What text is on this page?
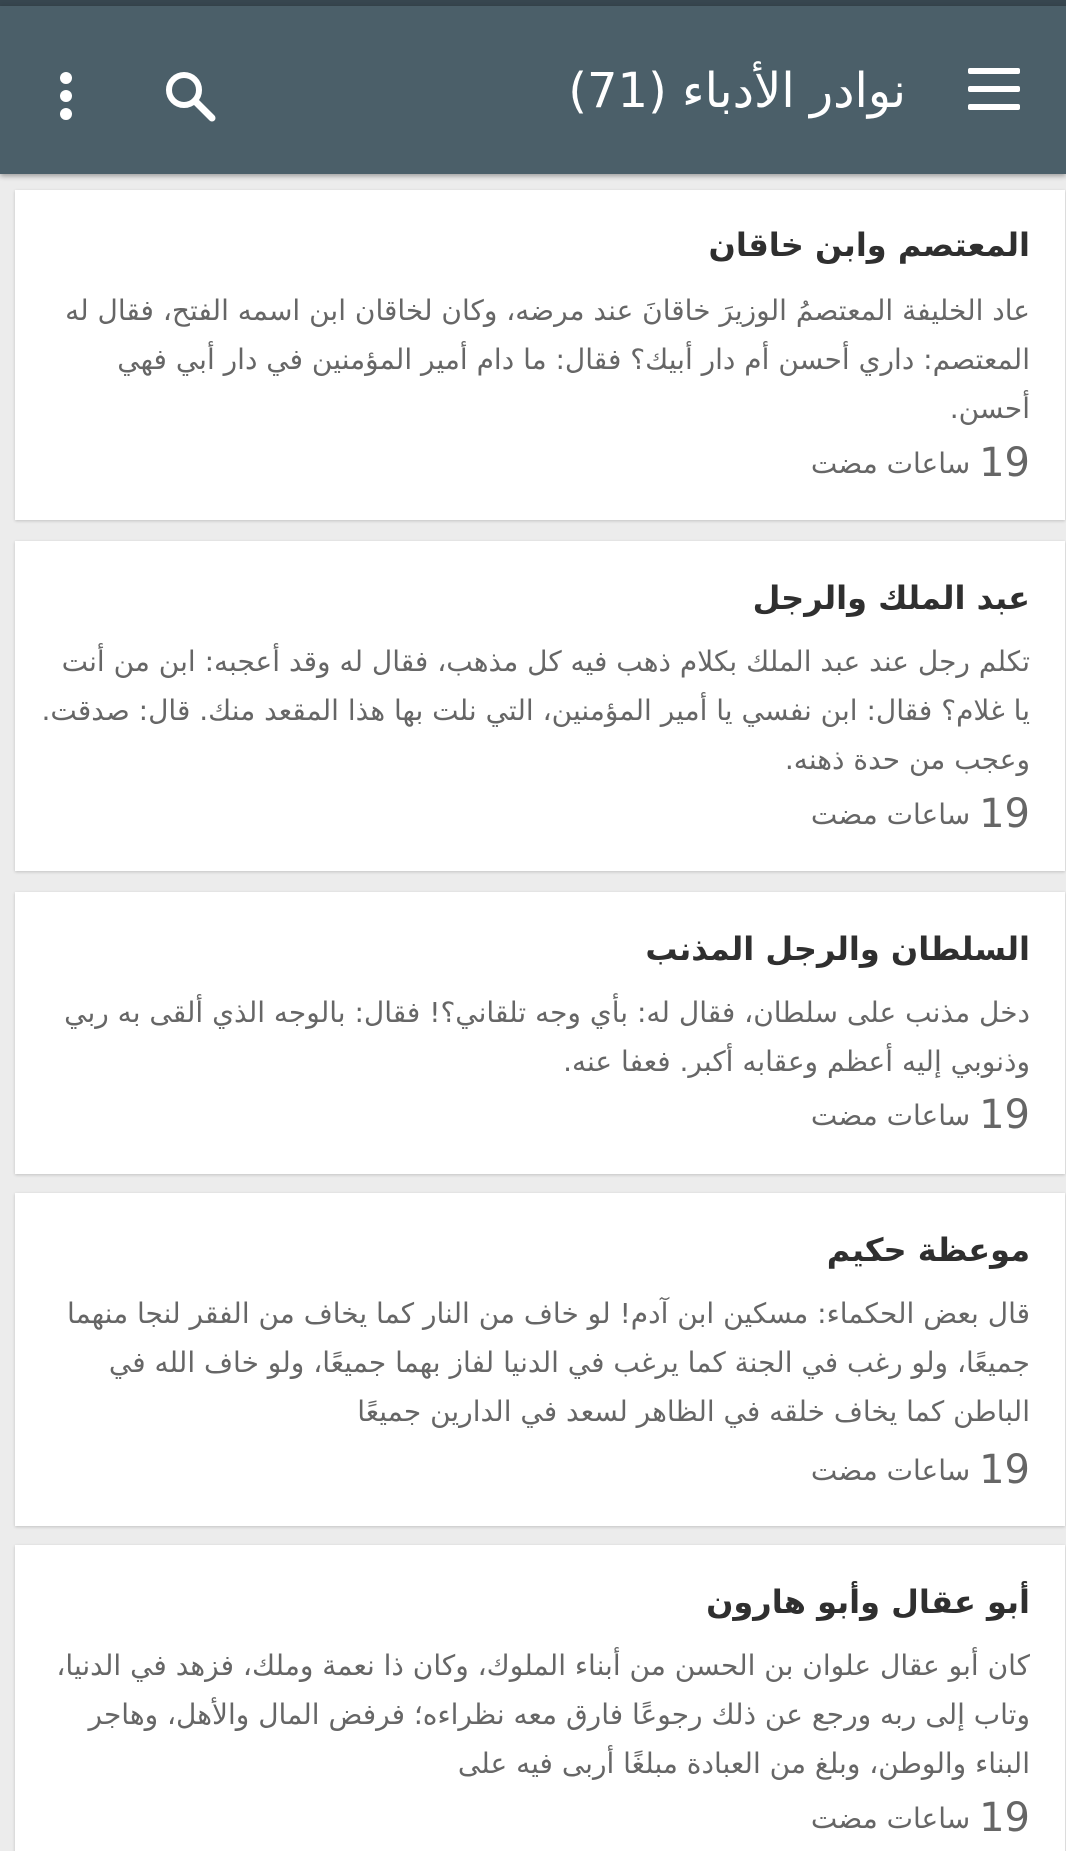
نوادر الأدباء (71)
المعتصم وابن خاقان
عاد الخليفة المعتصمُ الوزيرَ خاقانَ عند مرضه، وكان لخاقان ابن اسمه الفتح، فقال له المعتصم: داري أحسن أم دار أبيك؟ فقال: ما دام أمير المؤمنين في دار أبي فهي أحسن.
19 ساعات مضت
عبد الملك والرجل
تكلم رجل عند عبد الملك بكلام ذهب فيه كل مذهب، فقال له وقد أعجبه: ابن من أنت يا غلام؟ فقال: ابن نفسي يا أمير المؤمنين، التي نلت بها هذا المقعد منك. قال: صدقت. وعجب من حدة ذهنه.
19 ساعات مضت
السلطان والرجل المذنب
دخل مذنب على سلطان، فقال له: بأي وجه تلقاني؟! فقال: بالوجه الذي ألقى به ربي وذنوبي إليه أعظم وعقابه أكبر. فعفا عنه.
19 ساعات مضت
موعظة حكيم
قال بعض الحكماء: مسكين ابن آدم! لو خاف من النار كما يخاف من الفقر لنجا منهما جميعًا، ولو رغب في الجنة كما يرغب في الدنيا لفاز بهما جميعًا، ولو خاف الله في الباطن كما يخاف خلقه في الظاهر لسعد في الدارين جميعًا
19 ساعات مضت
أبو عقال وأبو هارون
كان أبو عقال علوان بن الحسن من أبناء الملوك، وكان ذا نعمة وملك، فزهد في الدنيا، وتاب إلى ربه ورجع عن ذلك رجوعًا فارق معه نظراءه؛ فرفض المال والأهل، وهاجر البناء والوطن، وبلغ من العبادة مبلغًا أربى فيه على
19 ساعات مضت
